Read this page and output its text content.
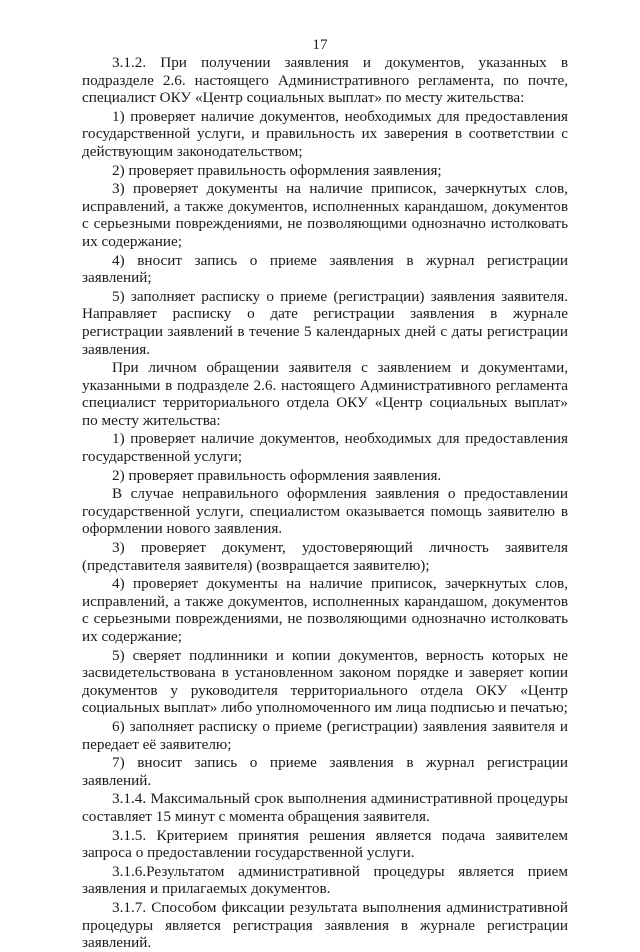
17

3.1.2. При получении заявления и документов, указанных в подразделе 2.6. настоящего Административного регламента, по почте, специалист ОКУ «Центр социальных выплат» по месту жительства:

1) проверяет наличие документов, необходимых для предоставления государственной услуги, и правильность их заверения в соответствии с действующим законодательством;

2) проверяет правильность оформления заявления;

3) проверяет документы на наличие приписок, зачеркнутых слов, исправлений, а также документов, исполненных карандашом, документов с серьезными повреждениями, не позволяющими однозначно истолковать их содержание;

4) вносит запись о приеме заявления в журнал регистрации заявлений;

5) заполняет расписку о приеме (регистрации) заявления заявителя. Направляет расписку о дате регистрации заявления в журнале регистрации заявлений в течение 5 календарных дней с даты регистрации заявления.

При личном обращении заявителя с заявлением и документами, указанными в подразделе 2.6. настоящего Административного регламента специалист территориального отдела ОКУ «Центр социальных выплат» по месту жительства:

1) проверяет наличие документов, необходимых для предоставления государственной услуги;

2) проверяет правильность оформления заявления.

В случае неправильного оформления заявления о предоставлении государственной услуги, специалистом оказывается помощь заявителю в оформлении нового заявления.

3) проверяет документ, удостоверяющий личность заявителя (представителя заявителя) (возвращается заявителю);

4) проверяет документы на наличие приписок, зачеркнутых слов, исправлений, а также документов, исполненных карандашом, документов с серьезными повреждениями, не позволяющими однозначно истолковать их содержание;

5) сверяет подлинники и копии документов, верность которых не засвидетельствована в установленном законом порядке и заверяет копии документов у руководителя территориального отдела ОКУ «Центр социальных выплат» либо уполномоченного им лица подписью и печатью;

6) заполняет расписку о приеме (регистрации) заявления заявителя и передает её заявителю;

7) вносит запись о приеме заявления в журнал регистрации заявлений.

3.1.4. Максимальный срок выполнения административной процедуры составляет 15 минут с момента обращения заявителя.

3.1.5. Критерием принятия решения является подача заявителем запроса о предоставлении государственной услуги.

3.1.6.Результатом административной процедуры является прием заявления и прилагаемых документов.

3.1.7. Способом фиксации результата выполнения административной процедуры является регистрация заявления в журнале регистрации заявлений.
